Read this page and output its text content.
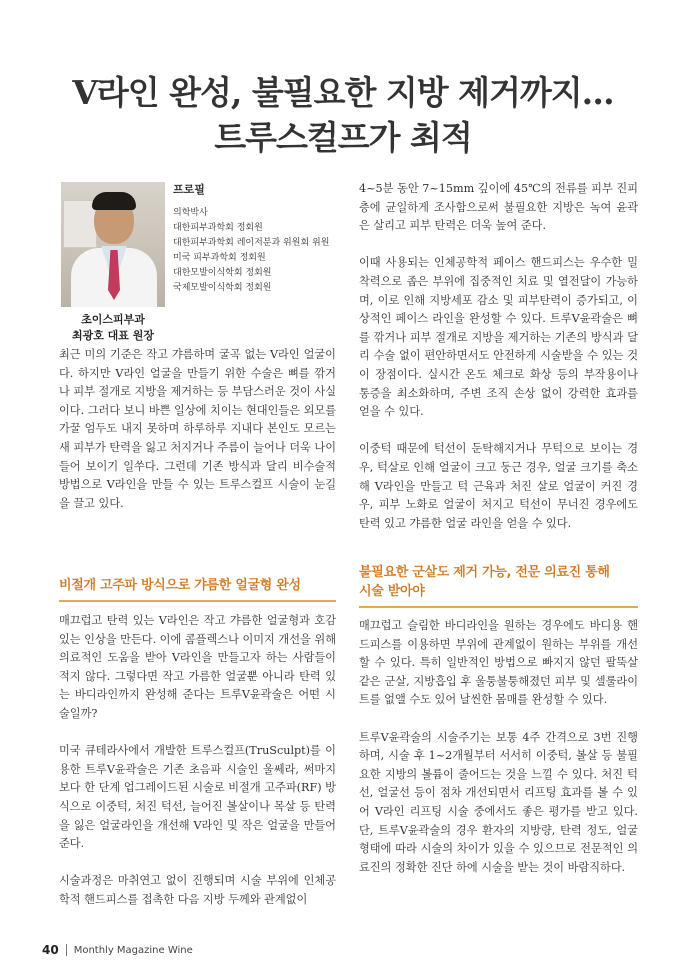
V라인 완성, 불필요한 지방 제거까지…
트루스컬프가 최적
초이스피부과
최광호 대표 원장
프로필
의학박사
대한피부과학회 정회원
대한피부과학회 레이저분과 위원회 위원
미국 피부과학회 정회원
대한모발이식학회 정회원
국제모발이식학회 정회원

최근 미의 기준은 작고 갸름하며 굴곡 없는 V라인 얼굴이다. 하지만 V라인 얼굴을 만들기 위한 수술은 뼈를 깎거나 피부 절개로 지방을 제거하는 등 부담스러운 것이 사실이다. 그러다 보니 바쁜 일상에 치이는 현대인들은 외모를 가꿀 엄두도 내지 못하며 하루하루 지내다 본인도 모르는 새 피부가 탄력을 잃고 처지거나 주름이 늘어나 더욱 나이 들어 보이기 일쑤다. 그런데 기존 방식과 달리 비수술적 방법으로 V라인을 만들 수 있는 트루스컬프 시술이 눈길을 끌고 있다.

비절개 고주파 방식으로 갸름한 얼굴형 완성

매끄럽고 탄력 있는 V라인은 작고 갸름한 얼굴형과 호감 있는 인상을 만든다. 이에 콤플렉스나 이미지 개선을 위해 의료적인 도움을 받아 V라인을 만들고자 하는 사람들이 적지 않다. 그렇다면 작고 가름한 얼굴뿐 아니라 탄력 있는 바디라인까지 완성해 준다는 트루V윤곽술은 어떤 시술일까?

미국 큐테라사에서 개발한 트루스컬프(TruSculpt)를 이용한 트루V윤곽술은 기존 초음파 시술인 울쎄라, 써마지보다 한 단계 업그레이드된 시술로 비절개 고주파(RF) 방식으로 이중턱, 처진 턱선, 늘어진 볼살이나 목살 등 탄력을 잃은 얼굴라인을 개선해 V라인 및 작은 얼굴을 만들어 준다.

시술과정은 마취연고 없이 진행되며 시술 부위에 인체공학적 핸드피스를 접촉한 다음 지방 두께와 관계없이

4~5분 동안 7~15mm 깊이에 45℃의 전류를 피부 진피층에 균일하게 조사함으로써 불필요한 지방은 녹여 윤곽은 살리고 피부 탄력은 더욱 높여 준다.

이때 사용되는 인체공학적 페이스 핸드피스는 우수한 밀착력으로 좁은 부위에 집중적인 치료 및 열전달이 가능하며, 이로 인해 지방세포 감소 및 피부탄력이 증가되고, 이상적인 페이스 라인을 완성할 수 있다. 트루V윤곽술은 뼈를 깎거나 피부 절개로 지방을 제거하는 기존의 방식과 달리 수술 없이 편안하면서도 안전하게 시술받을 수 있는 것이 장점이다. 실시간 온도 체크로 화상 등의 부작용이나 통증을 최소화하며, 주변 조직 손상 없이 강력한 효과를 얻을 수 있다.

이중턱 때문에 턱선이 둔탁해지거나 무턱으로 보이는 경우, 턱살로 인해 얼굴이 크고 둥근 경우, 얼굴 크기를 축소해 V라인을 만들고 턱 근육과 처진 살로 얼굴이 커진 경우, 피부 노화로 얼굴이 처지고 턱선이 무너진 경우에도 탄력 있고 갸름한 얼굴 라인을 얻을 수 있다.

불필요한 군살도 제거 가능, 전문 의료진 통해
시술 받아야

매끄럽고 슬림한 바디라인을 원하는 경우에도 바디용 핸드피스를 이용하면 부위에 관계없이 원하는 부위를 개선할 수 있다. 특히 일반적인 방법으로 빠지지 않던 팔뚝살 같은 군살, 지방흡입 후 울퉁불퉁해졌던 피부 및 셀룰라이트를 없앨 수도 있어 날씬한 몸매를 완성할 수 있다.

트루V윤곽술의 시술주기는 보통 4주 간격으로 3번 진행하며, 시술 후 1~2개월부터 서서히 이중턱, 볼살 등 불필요한 지방의 볼륨이 줄어드는 것을 느낄 수 있다. 처진 턱선, 얼굴선 등이 점차 개선되면서 리프팅 효과를 볼 수 있어 V라인 리프팅 시술 중에서도 좋은 평가를 받고 있다. 단, 트루V윤곽술의 경우 환자의 지방량, 탄력 정도, 얼굴 형태에 따라 시술의 차이가 있을 수 있으므로 전문적인 의료진의 정확한 진단 하에 시술을 받는 것이 바람직하다.

40 Monthly Magazine Wine
